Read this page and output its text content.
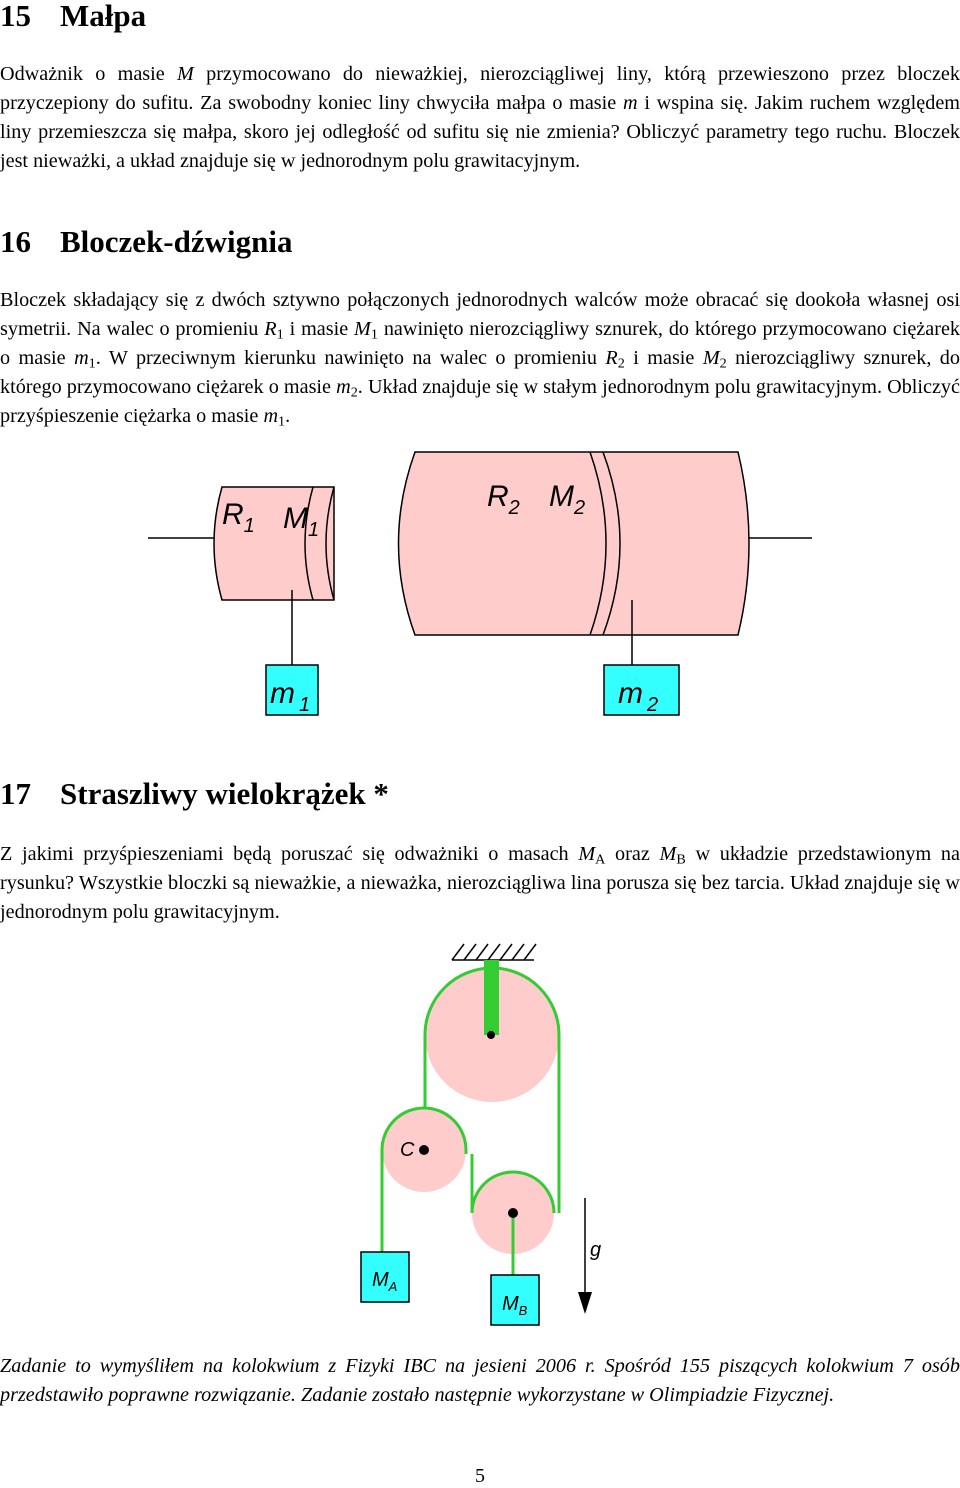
15 Małpa

Odważnik o masie M przymocowano do nieważkiej, nierozciągliwej liny, którą przewieszono przez bloczek przyczepiony do sufitu. Za swobodny koniec liny chwyciła małpa o masie m i wspina się. Jakim ruchem względem liny przemieszcza się małpa, skoro jej odległość od sufitu się nie zmienia? Obliczyć parametry tego ruchu. Bloczek jest nieważki, a układ znajduje się w jednorodnym polu grawitacyjnym.

16 Bloczek-dźwignia

Bloczek składający się z dwóch sztywno połączonych jednorodnych walców może obracać się dookoła własnej osi symetrii. Na walec o promieniu $R_1$ i masie $M_1$ nawinięto nierozciągliwy sznurek, do którego przymocowano ciężarek o masie $m_1$. W przeciwnym kierunku nawinięto na walec o promieniu $R_2$ i masie $M_2$ nierozciągliwy sznurek, do którego przymocowano ciężarek o masie $m_2$. Układ znajduje się w stałym jednorodnym polu grawitacyjnym. Obliczyć przyśpieszenie ciężarka o masie $m_1$.

$R_1$ $M_1$
$R_2$ $M_2$
m $_1$	m $_2$
17 Straszliwy wielokrążek *

Z jakimi przyśpieszeniami będą poruszać się odważniki o masach $M_A$ oraz $M_B$ w układzie przedstawionym na rysunku? Wszystkie bloczki są nieważkie, a nieważka, nierozciągliwa lina porusza się bez tarcia. Układ znajduje się w jednorodnym polu grawitacyjnym.

C
g
$M_A$
$M_B$

Zadanie to wymyśliłem na kolokwium z Fizyki IBC na jesieni 2006 r. Spośród 155 piszących kolokwium 7 osób przedstawiło poprawne rozwiązanie. Zadanie zostało następnie wykorzystane w Olimpiadzie Fizycznej.

5
